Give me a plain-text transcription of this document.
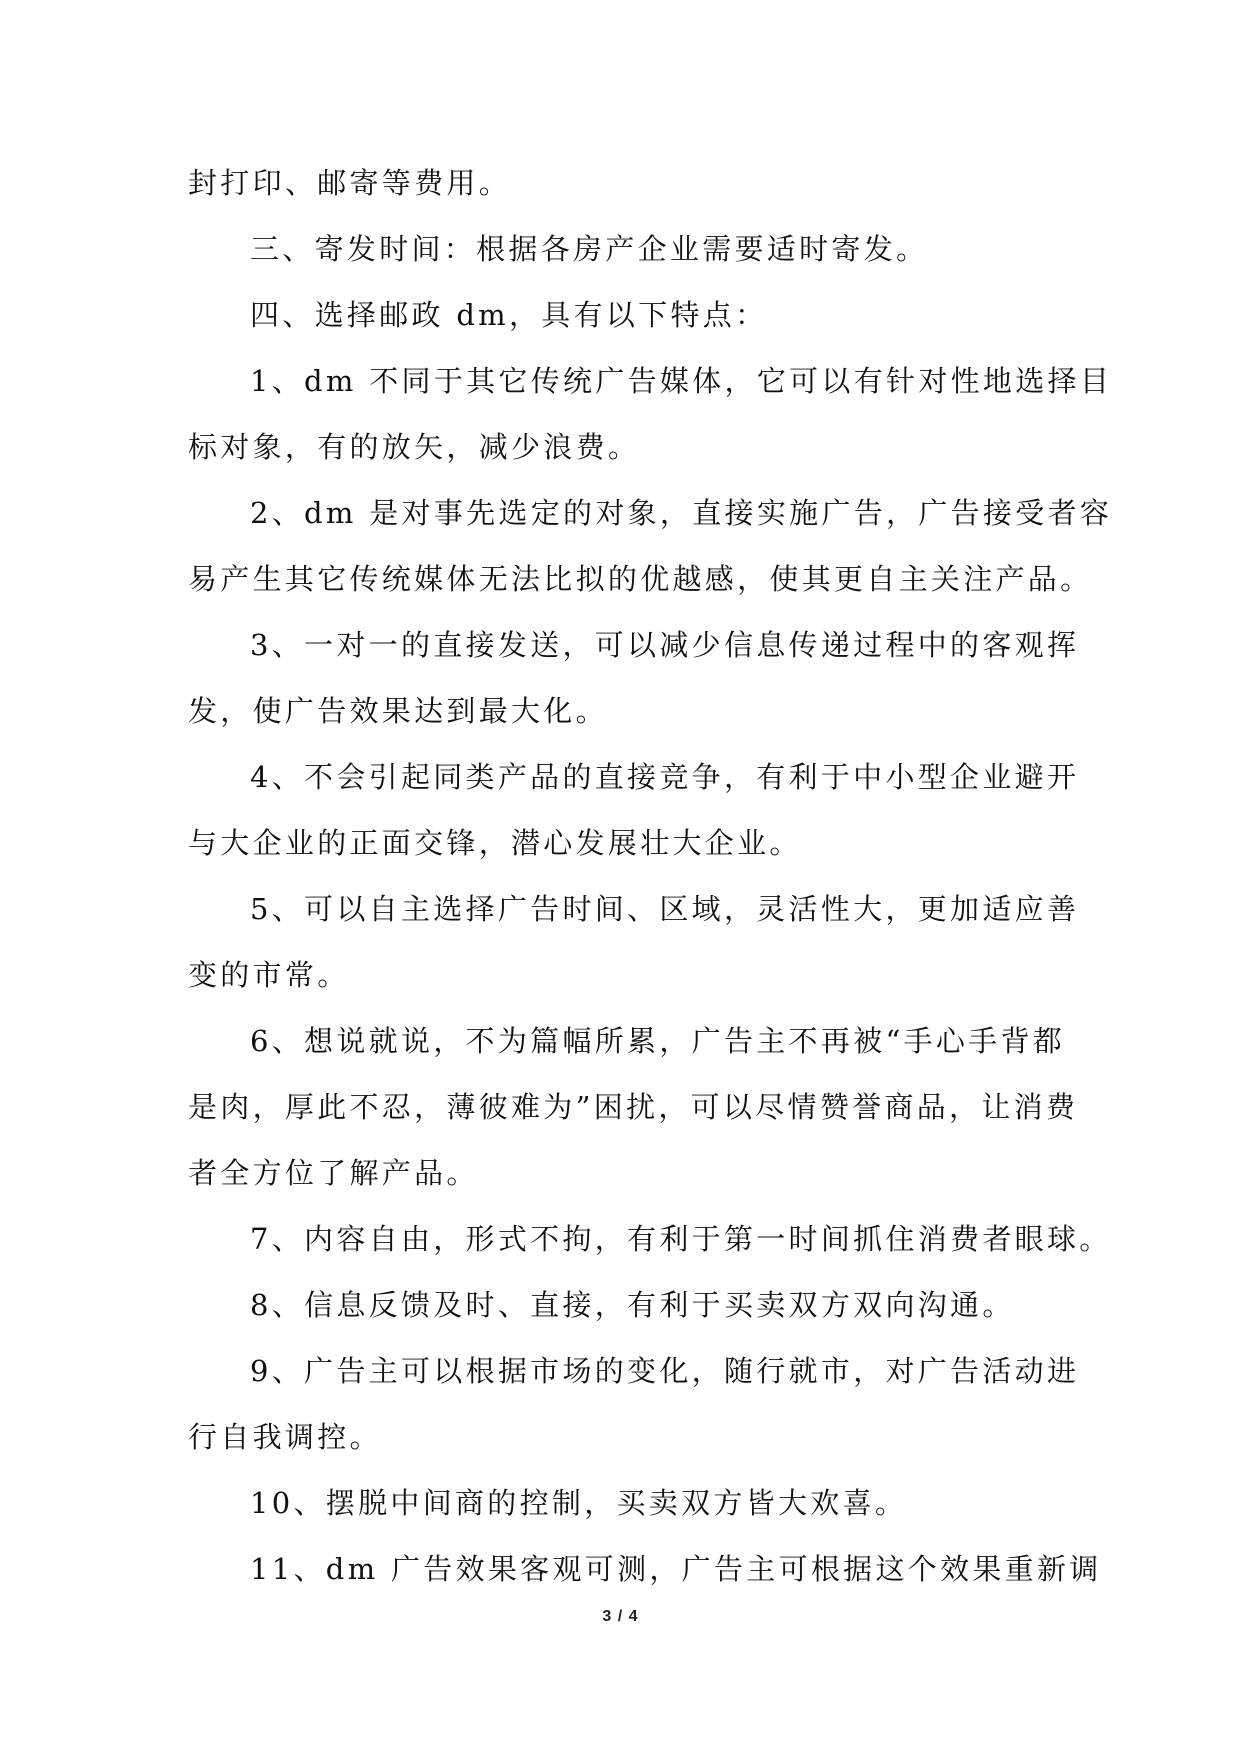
封打印、邮寄等费用。
三、寄发时间：根据各房产企业需要适时寄发。
四、选择邮政 dm，具有以下特点：
1、dm 不同于其它传统广告媒体，它可以有针对性地选择目
标对象，有的放矢，减少浪费。
2、dm 是对事先选定的对象，直接实施广告，广告接受者容
易产生其它传统媒体无法比拟的优越感，使其更自主关注产品。
3、一对一的直接发送，可以减少信息传递过程中的客观挥
发，使广告效果达到最大化。
4、不会引起同类产品的直接竞争，有利于中小型企业避开
与大企业的正面交锋，潜心发展壮大企业。
5、可以自主选择广告时间、区域，灵活性大，更加适应善
变的市常。
6、想说就说，不为篇幅所累，广告主不再被“手心手背都
是肉，厚此不忍，薄彼难为”困扰，可以尽情赞誉商品，让消费
者全方位了解产品。
7、内容自由，形式不拘，有利于第一时间抓住消费者眼球。
8、信息反馈及时、直接，有利于买卖双方双向沟通。
9、广告主可以根据市场的变化，随行就市，对广告活动进
行自我调控。
10、摆脱中间商的控制，买卖双方皆大欢喜。
11、dm 广告效果客观可测，广告主可根据这个效果重新调
3 / 4
